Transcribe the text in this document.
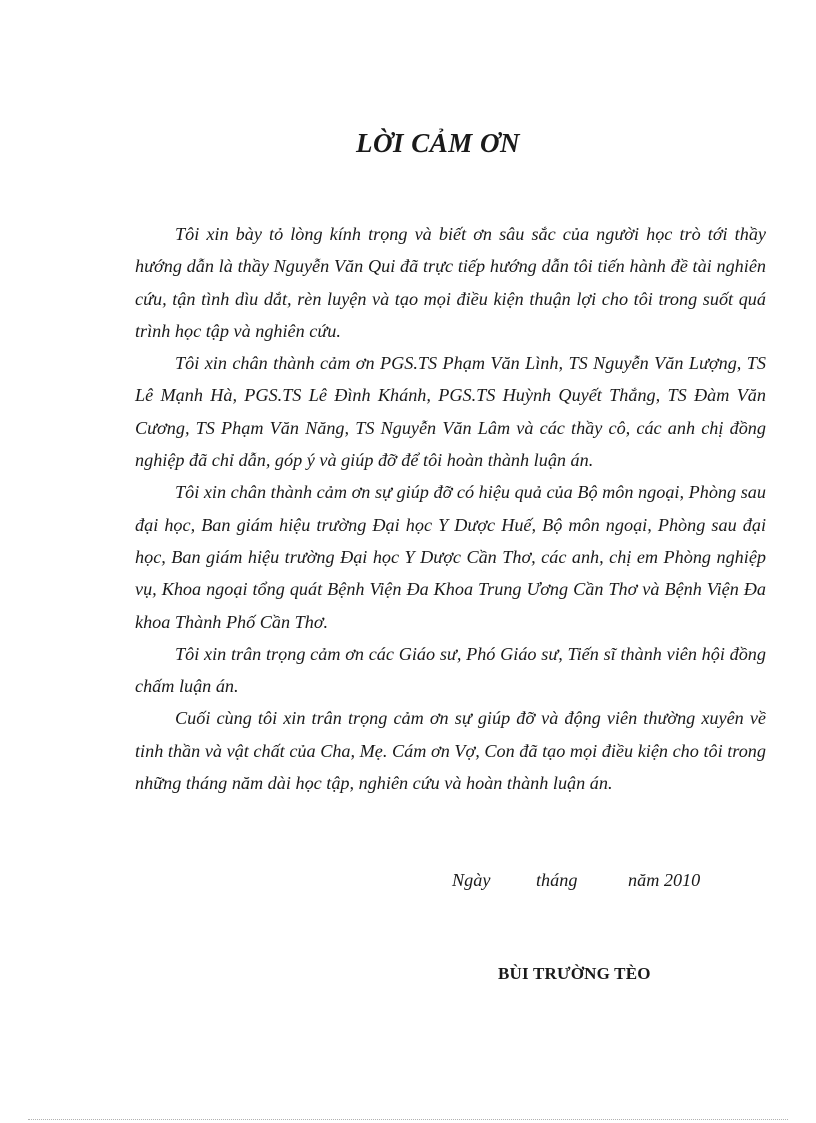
LỜI CẢM ƠN

Tôi xin bày tỏ lòng kính trọng và biết ơn sâu sắc của người học trò tới thầy hướng dẫn là thầy Nguyễn Văn Qui đã trực tiếp hướng dẫn tôi tiến hành đề tài nghiên cứu, tận tình dìu dắt, rèn luyện và tạo mọi điều kiện thuận lợi cho tôi trong suốt quá trình học tập và nghiên cứu.

Tôi xin chân thành cảm ơn PGS.TS Phạm Văn Lình, TS Nguyễn Văn Lượng, TS Lê Mạnh Hà, PGS.TS Lê Đình Khánh, PGS.TS Huỳnh Quyết Thắng, TS Đàm Văn Cương, TS Phạm Văn Năng, TS Nguyễn Văn Lâm và các thầy cô, các anh chị đồng nghiệp đã chỉ dẫn, góp ý và giúp đỡ để tôi hoàn thành luận án.

Tôi xin chân thành cảm ơn sự giúp đỡ có hiệu quả của Bộ môn ngoại, Phòng sau đại học, Ban giám hiệu trường Đại học Y Dược Huế, Bộ môn ngoại, Phòng sau đại học, Ban giám hiệu trường Đại học Y Dược Cần Thơ, các anh, chị em Phòng nghiệp vụ, Khoa ngoại tổng quát Bệnh Viện Đa Khoa Trung Ương Cần Thơ và Bệnh Viện Đa khoa Thành Phố Cần Thơ.

Tôi xin trân trọng cảm ơn các Giáo sư, Phó Giáo sư, Tiến sĩ thành viên hội đồng chấm luận án.

Cuối cùng tôi xin trân trọng cảm ơn sự giúp đỡ và động viên thường xuyên về tinh thần và vật chất của Cha, Mẹ. Cám ơn Vợ, Con đã tạo mọi điều kiện cho tôi trong những tháng năm dài học tập, nghiên cứu và hoàn thành luận án.

Ngày	tháng	năm 2010
BÙI TRƯỜNG TÈO
